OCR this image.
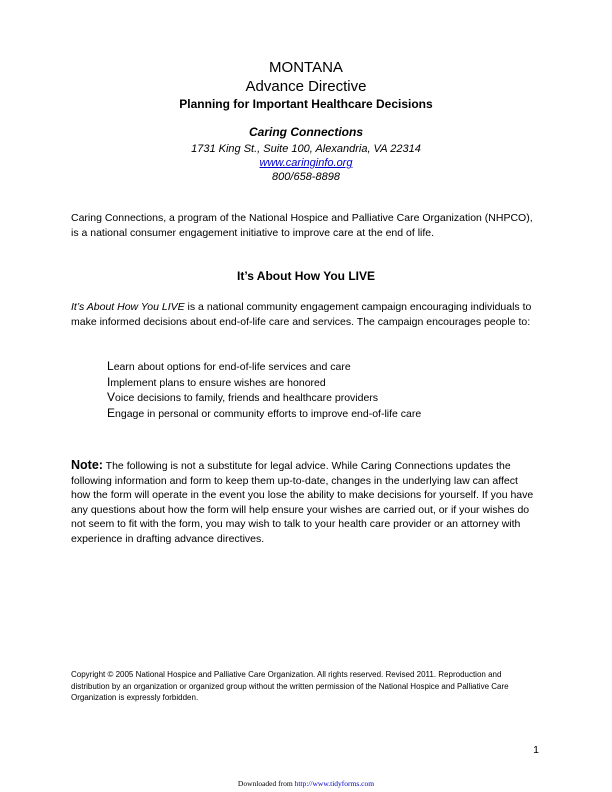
MONTANA
Advance Directive
Planning for Important Healthcare Decisions
Caring Connections
1731 King St., Suite 100, Alexandria, VA 22314
www.caringinfo.org
800/658-8898
Caring Connections, a program of the National Hospice and Palliative Care Organization (NHPCO), is a national consumer engagement initiative to improve care at the end of life.
It’s About How You LIVE
It’s About How You LIVE is a national community engagement campaign encouraging individuals to make informed decisions about end-of-life care and services. The campaign encourages people to:
Learn about options for end-of-life services and care
Implement plans to ensure wishes are honored
Voice decisions to family, friends and healthcare providers
Engage in personal or community efforts to improve end-of-life care
Note: The following is not a substitute for legal advice. While Caring Connections updates the following information and form to keep them up-to-date, changes in the underlying law can affect how the form will operate in the event you lose the ability to make decisions for yourself. If you have any questions about how the form will help ensure your wishes are carried out, or if your wishes do not seem to fit with the form, you may wish to talk to your health care provider or an attorney with experience in drafting advance directives.
Copyright © 2005 National Hospice and Palliative Care Organization. All rights reserved. Revised 2011. Reproduction and distribution by an organization or organized group without the written permission of the National Hospice and Palliative Care Organization is expressly forbidden.
1
Downloaded from http://www.tidyforms.com
